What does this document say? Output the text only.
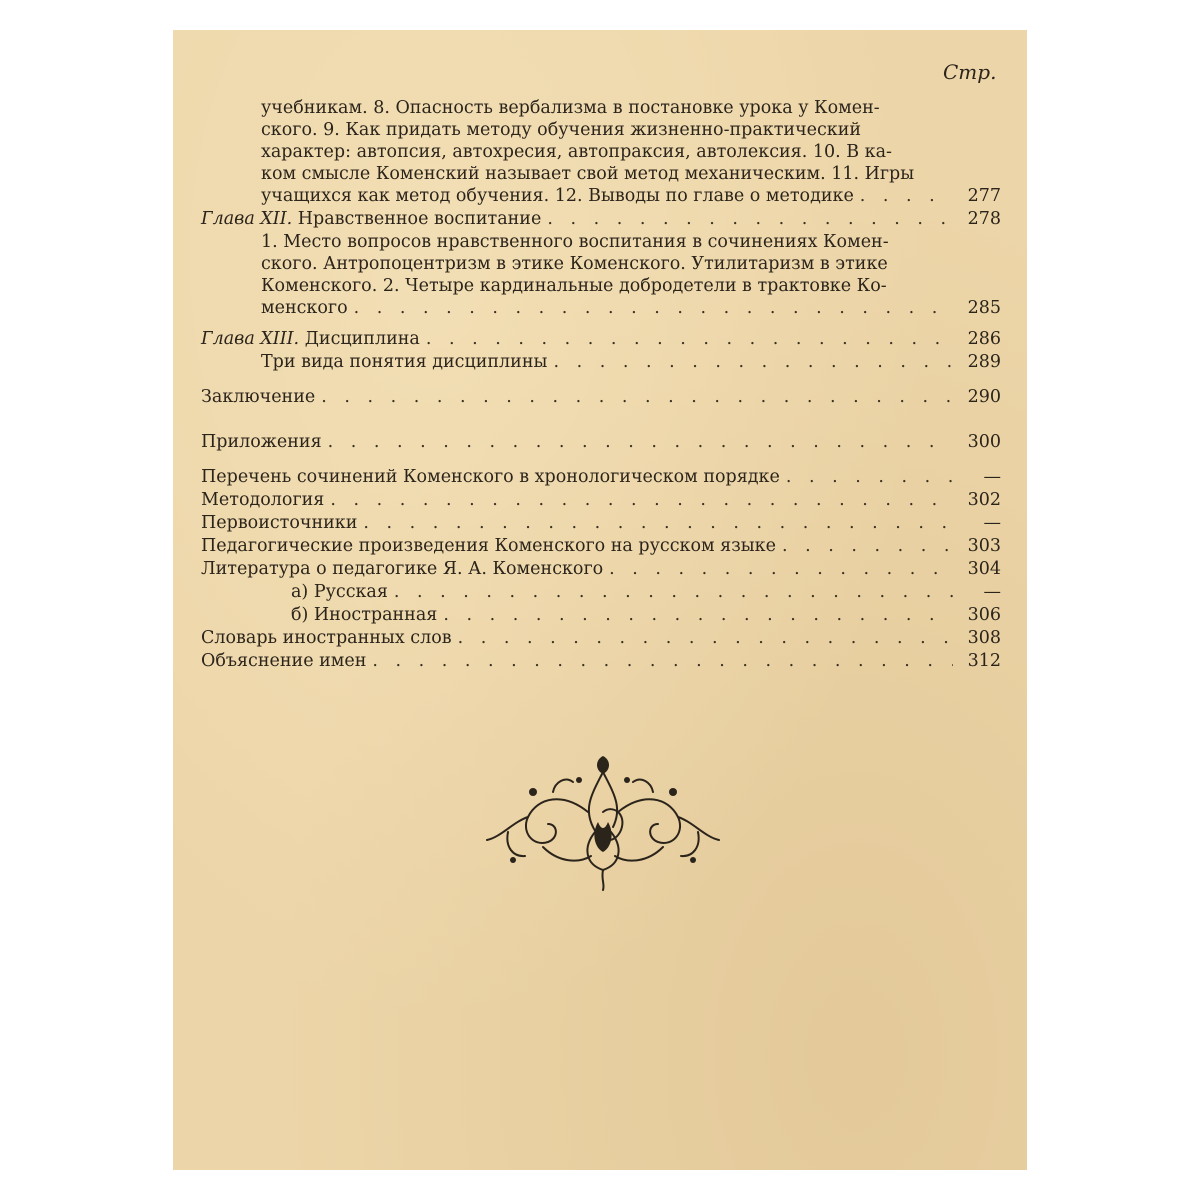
Стр.
учебникам. 8. Опасность вербализма в постановке урока у Комен-
ского. 9. Как придать методу обучения жизненно-практический
характер: автопсия, автохресия, автопраксия, автолексия. 10. В ка-
ком смысле Коменский называет свой метод механическим. 11. Игры
учащихся как метод обучения. 12. Выводы по главе о методике . . .	277
Глава XII. Нравственное воспитание . . .	278
1. Место вопросов нравственного воспитания в сочинениях Комен-
ского. Антропоцентризм в этике Коменского. Утилитаризм в этике
Коменского. 2. Четыре кардинальные добродетели в трактовке Ко-
менского . . .	285
Глава XIII. Дисциплина . . .	286
Три вида понятия дисциплины . . .	289
Заключение . . .	290
Приложения . . .	300
Перечень сочинений Коменского в хронологическом порядке . . .	—
Методология . . .	302
Первоисточники . . .	—
Педагогические произведения Коменского на русском языке . . .	303
Литература о педагогике Я. А. Коменского . . .	304
а) Русская . . .	—
б) Иностранная . . .	306
Словарь иностранных слов . . .	308
Объяснение имен . . .	312
